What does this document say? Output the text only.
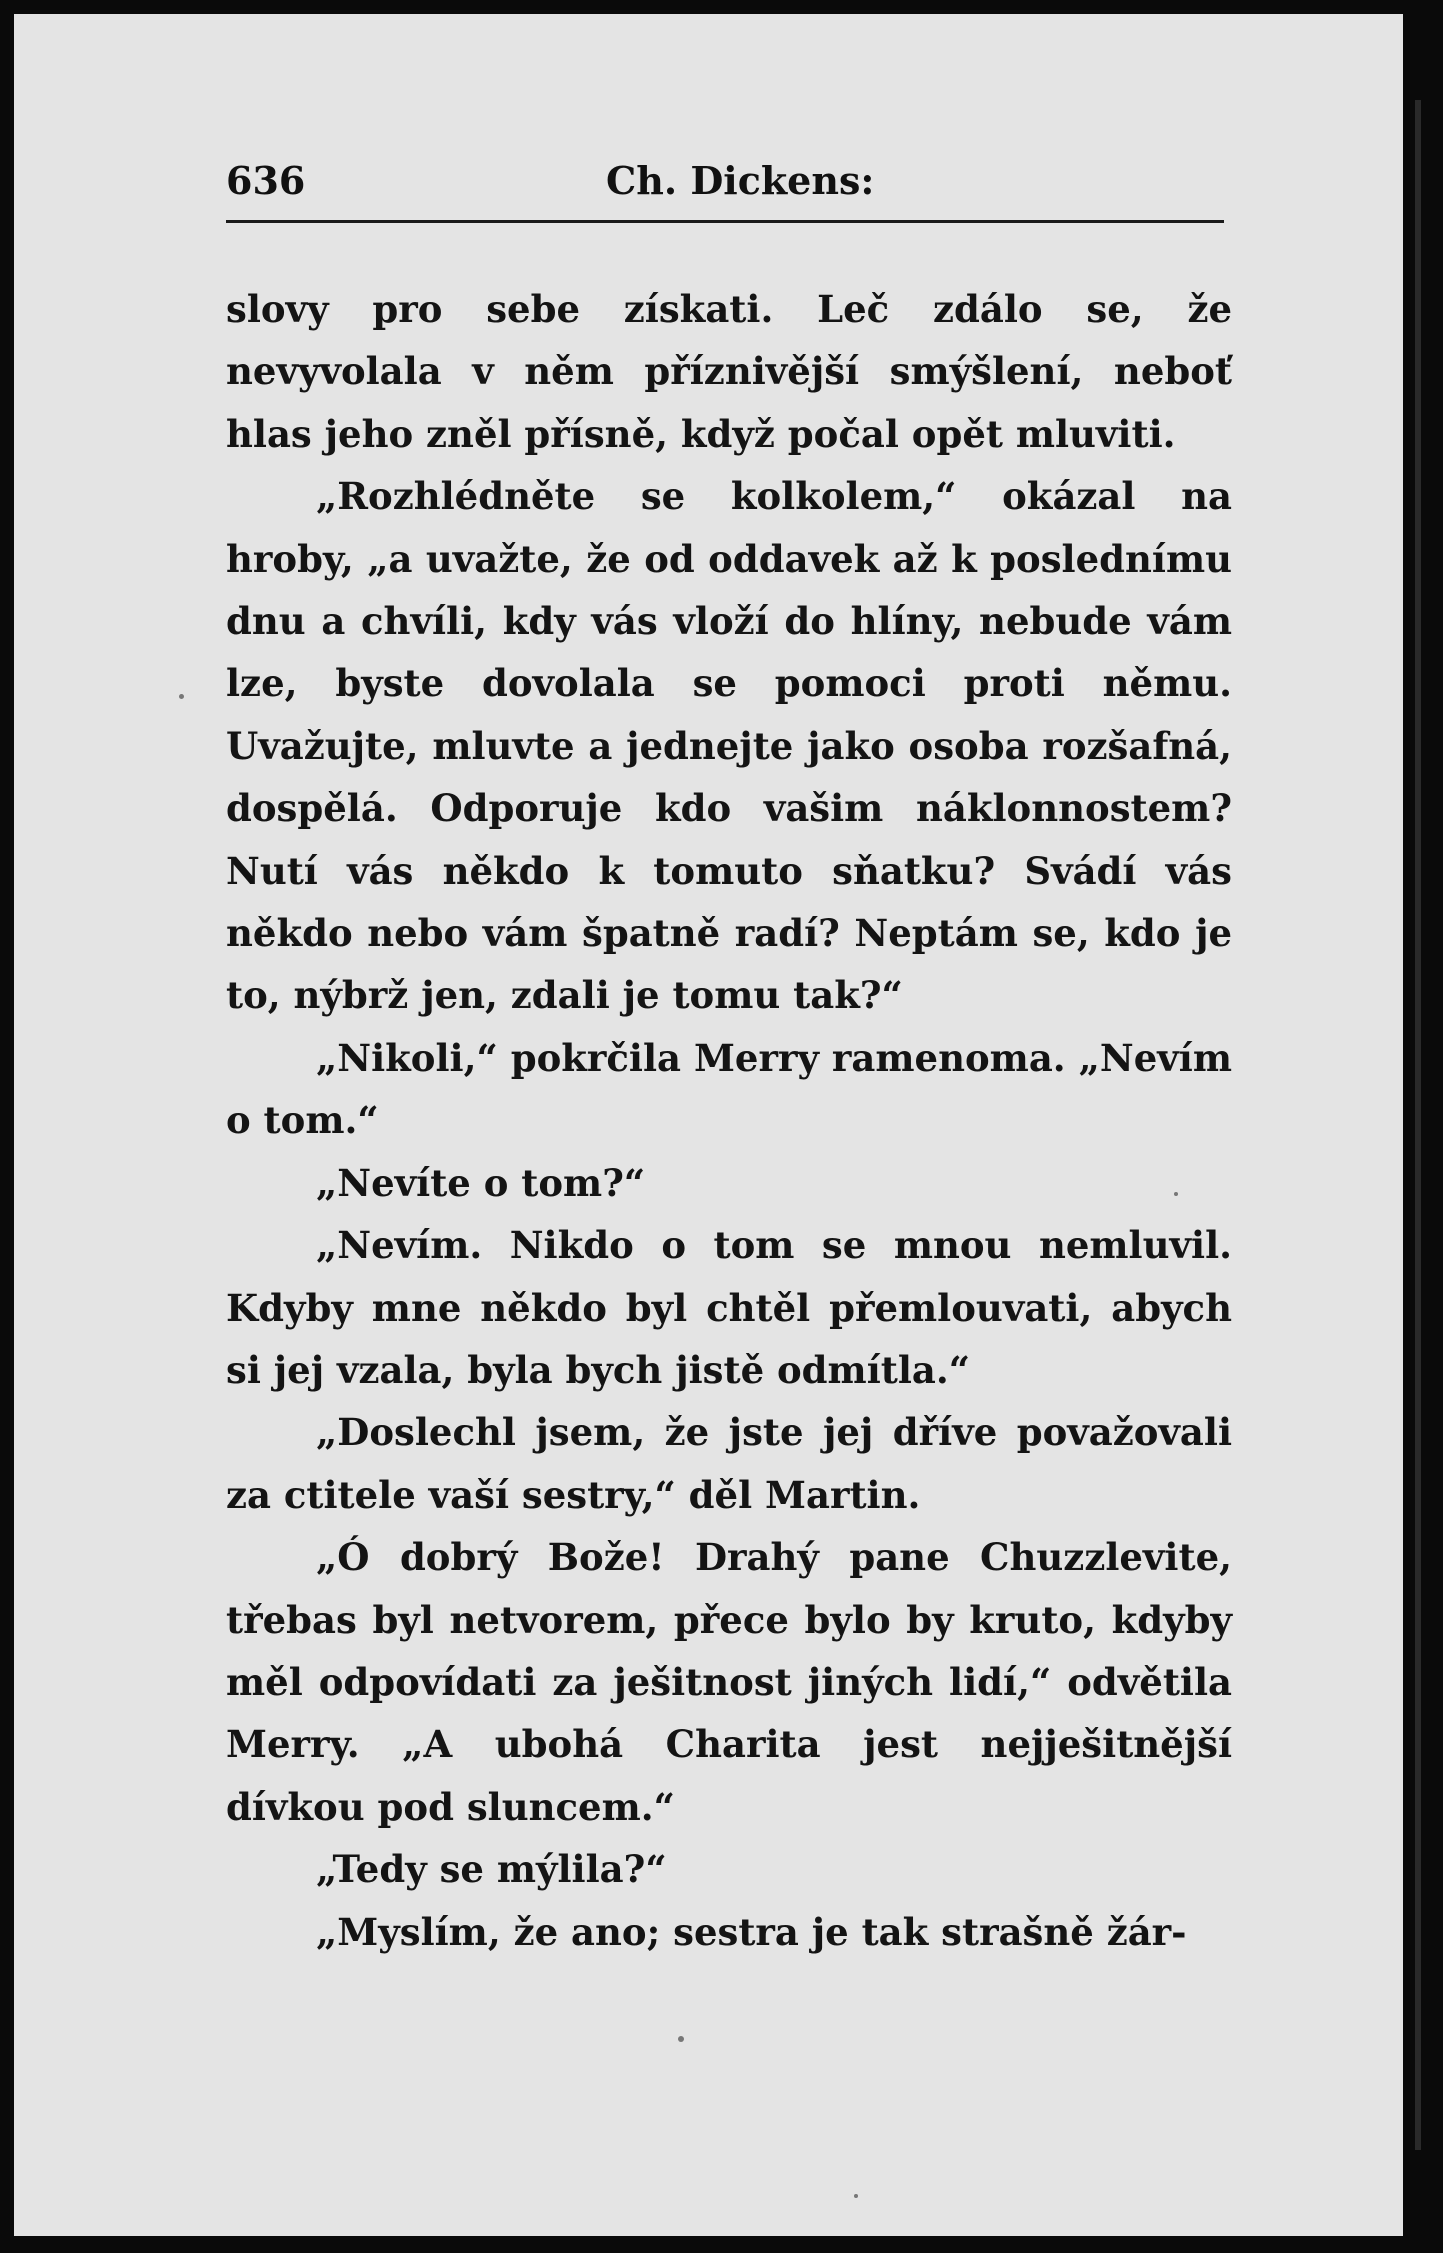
636	Ch. Dickens:

slovy pro sebe získati. Leč zdálo se, že nevyvolala v něm příznivější smýšlení, neboť hlas jeho zněl přísně, když počal opět mluviti.

„Rozhlédněte se kolkolem,“ okázal na hroby, „a uvažte, že od oddavek až k poslednímu dnu a chvíli, kdy vás vloží do hlíny, nebude vám lze, byste dovolala se pomoci proti němu. Uvažujte, mluvte a jednejte jako osoba rozšafná, dospělá. Odporuje kdo vašim náklonnostem? Nutí vás někdo k tomuto sňatku? Svádí vás někdo nebo vám špatně radí? Neptám se, kdo je to, nýbrž jen, zdali je tomu tak?“

„Nikoli,“ pokrčila Merry ramenoma. „Nevím o tom.“

„Nevíte o tom?“

„Nevím. Nikdo o tom se mnou nemluvil. Kdyby mne někdo byl chtěl přemlouvati, abych si jej vzala, byla bych jistě odmítla.“

„Doslechl jsem, že jste jej dříve považovali za ctitele vaší sestry,“ děl Martin.

„Ó dobrý Bože! Drahý pane Chuzzlevite, třebas byl netvorem, přece bylo by kruto, kdyby měl odpovídati za ješitnost jiných lidí,“ odvětila Merry. „A ubohá Charita jest nejješitnější dívkou pod sluncem.“

„Tedy se mýlila?“

„Myslím, že ano; sestra je tak strašně žár-
